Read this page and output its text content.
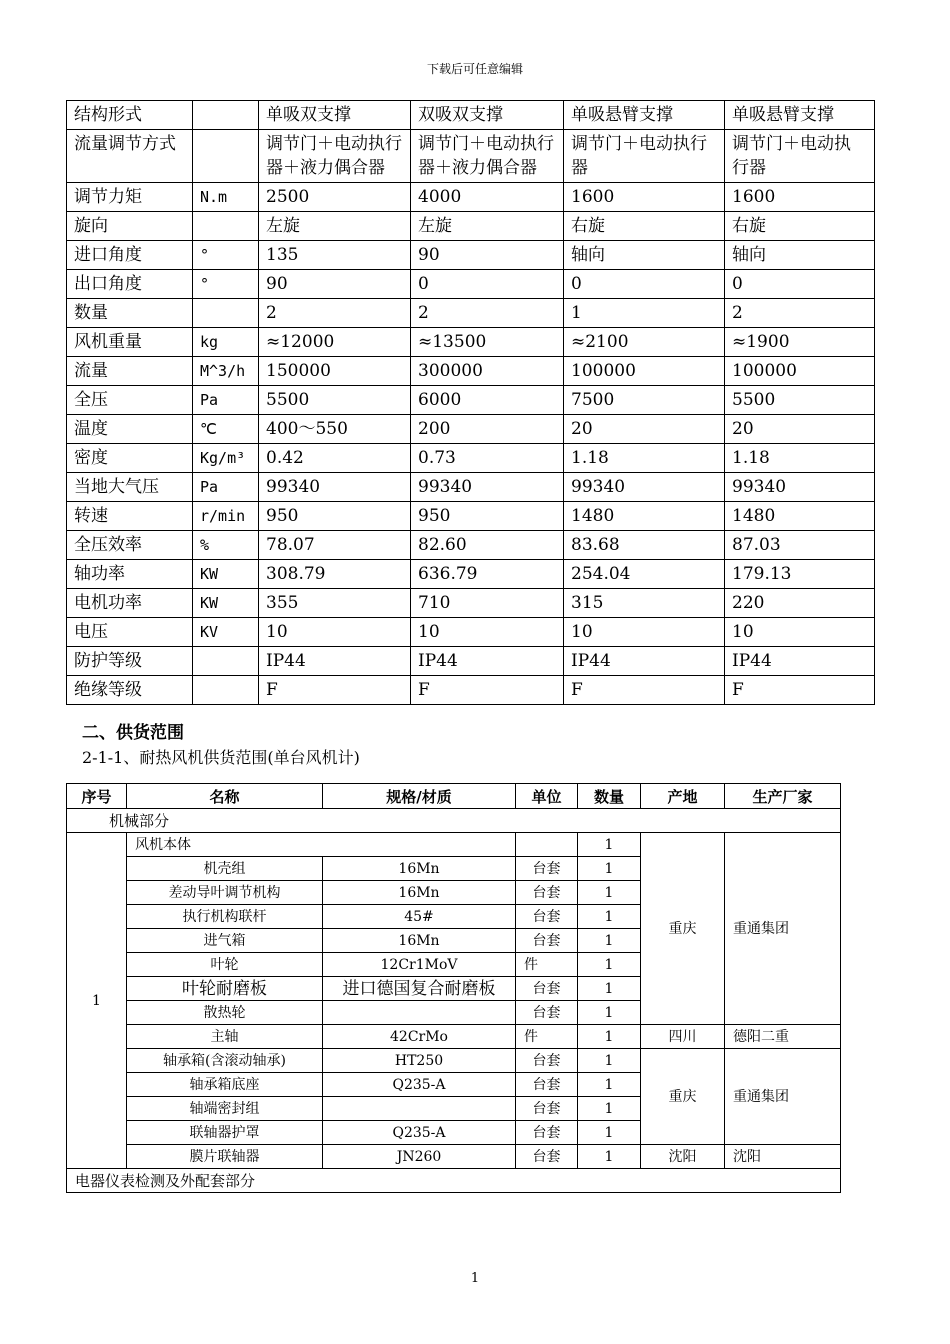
下载后可任意编辑
结构形式		单吸双支撑	双吸双支撑	单吸悬臂支撑	单吸悬臂支撑
流量调节方式		调节门＋电动执行器＋液力偶合器	调节门＋电动执行器＋液力偶合器	调节门＋电动执行器	调节门＋电动执行器
调节力矩	N.m	2500	4000	1600	1600
旋向		左旋	左旋	右旋	右旋
进口角度	°	135	90	轴向	轴向
出口角度	°	90	0	0	0
数量		2	2	1	2
风机重量	kg	≈12000	≈13500	≈2100	≈1900
流量	M^3/h	150000	300000	100000	100000
全压	Pa	5500	6000	7500	5500
温度	℃	400～550	200	20	20
密度	Kg/m³	0.42	0.73	1.18	1.18
当地大气压	Pa	99340	99340	99340	99340
转速	r/min	950	950	1480	1480
全压效率	%	78.07	82.60	83.68	87.03
轴功率	KW	308.79	636.79	254.04	179.13
电机功率	KW	355	710	315	220
电压	KV	10	10	10	10
防护等级		IP44	IP44	IP44	IP44
绝缘等级		F	F	F	F
二、供货范围
2-1-1、耐热风机供货范围(单台风机计)
序号	名称	规格/材质	单位	数量	产地	生产厂家
机械部分						
1	风机本体			1	重庆	重通集团
	机壳组	16Mn	台套	1		
	差动导叶调节机构	16Mn	台套	1		
	执行机构联杆	45#	台套	1		
	进气箱	16Mn	台套	1		
	叶轮	12Cr1MoV	件	1		
	叶轮耐磨板	进口德国复合耐磨板	台套	1		
	散热轮		台套	1		
	主轴	42CrMo	件	1	四川	德阳二重
	轴承箱(含滚动轴承)	HT250	台套	1	重庆	重通集团
	轴承箱底座	Q235-A	台套	1		
	轴端密封组		台套	1		
	联轴器护罩	Q235-A	台套	1		
	膜片联轴器	JN260	台套	1	沈阳	沈阳
电器仪表检测及外配套部分						
1
